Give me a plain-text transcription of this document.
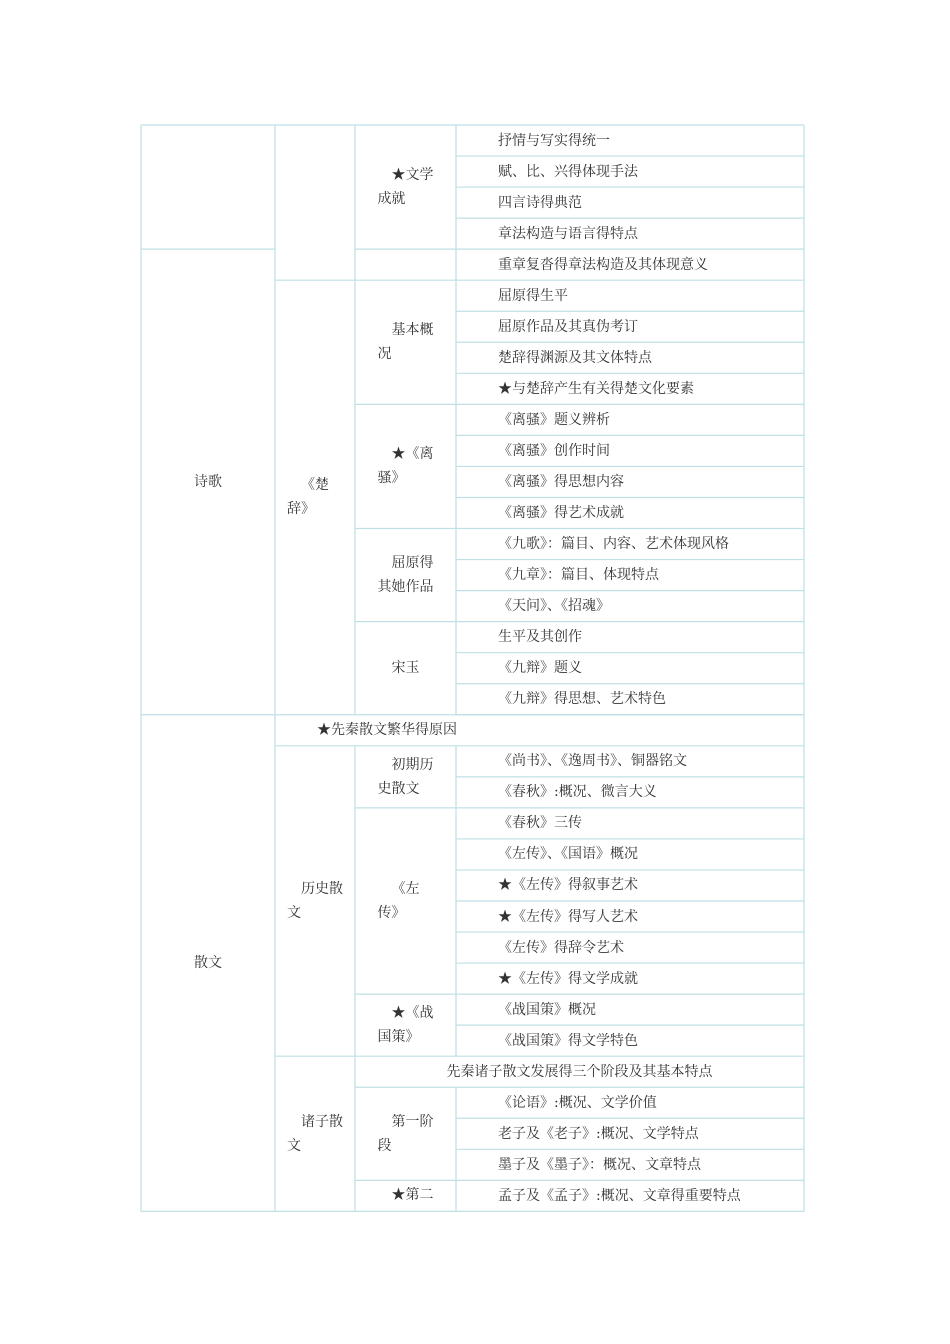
抒情与写实得统一
赋、比、兴得体现手法
四言诗得典范
章法构造与语言得特点
重章复沓得章法构造及其体现意义
屈原得生平
屈原作品及其真伪考订
楚辞得渊源及其文体特点
★与楚辞产生有关得楚文化要素
《离骚》题义辨析
《离骚》创作时间
《离骚》得思想内容
《离骚》得艺术成就
《九歌》：篇目、内容、艺术体现风格
《九章》：篇目、体现特点
《天问》、《招魂》
生平及其创作
《九辩》题义
《九辩》得思想、艺术特色
《尚书》、《逸周书》、铜器铭文
《春秋》:概况、微言大义
《春秋》三传
《左传》、《国语》概况
★《左传》得叙事艺术
★《左传》得写人艺术
《左传》得辞令艺术
★《左传》得文学成就
《战国策》概况
《战国策》得文学特色
《论语》:概况、文学价值
老子及《老子》:概况、文学特点
墨子及《墨子》：概况、文章特点
孟子及《孟子》:概况、文章得重要特点
诗歌
散文
《楚辞》
历史散文
诸子散文
★文学成就
基本概况
★《离骚》
屈原得其她作品
宋玉
初期历史散文
《左传》
★《战国策》
第一阶段
★第二
★先秦散文繁华得原因
先秦诸子散文发展得三个阶段及其基本特点
